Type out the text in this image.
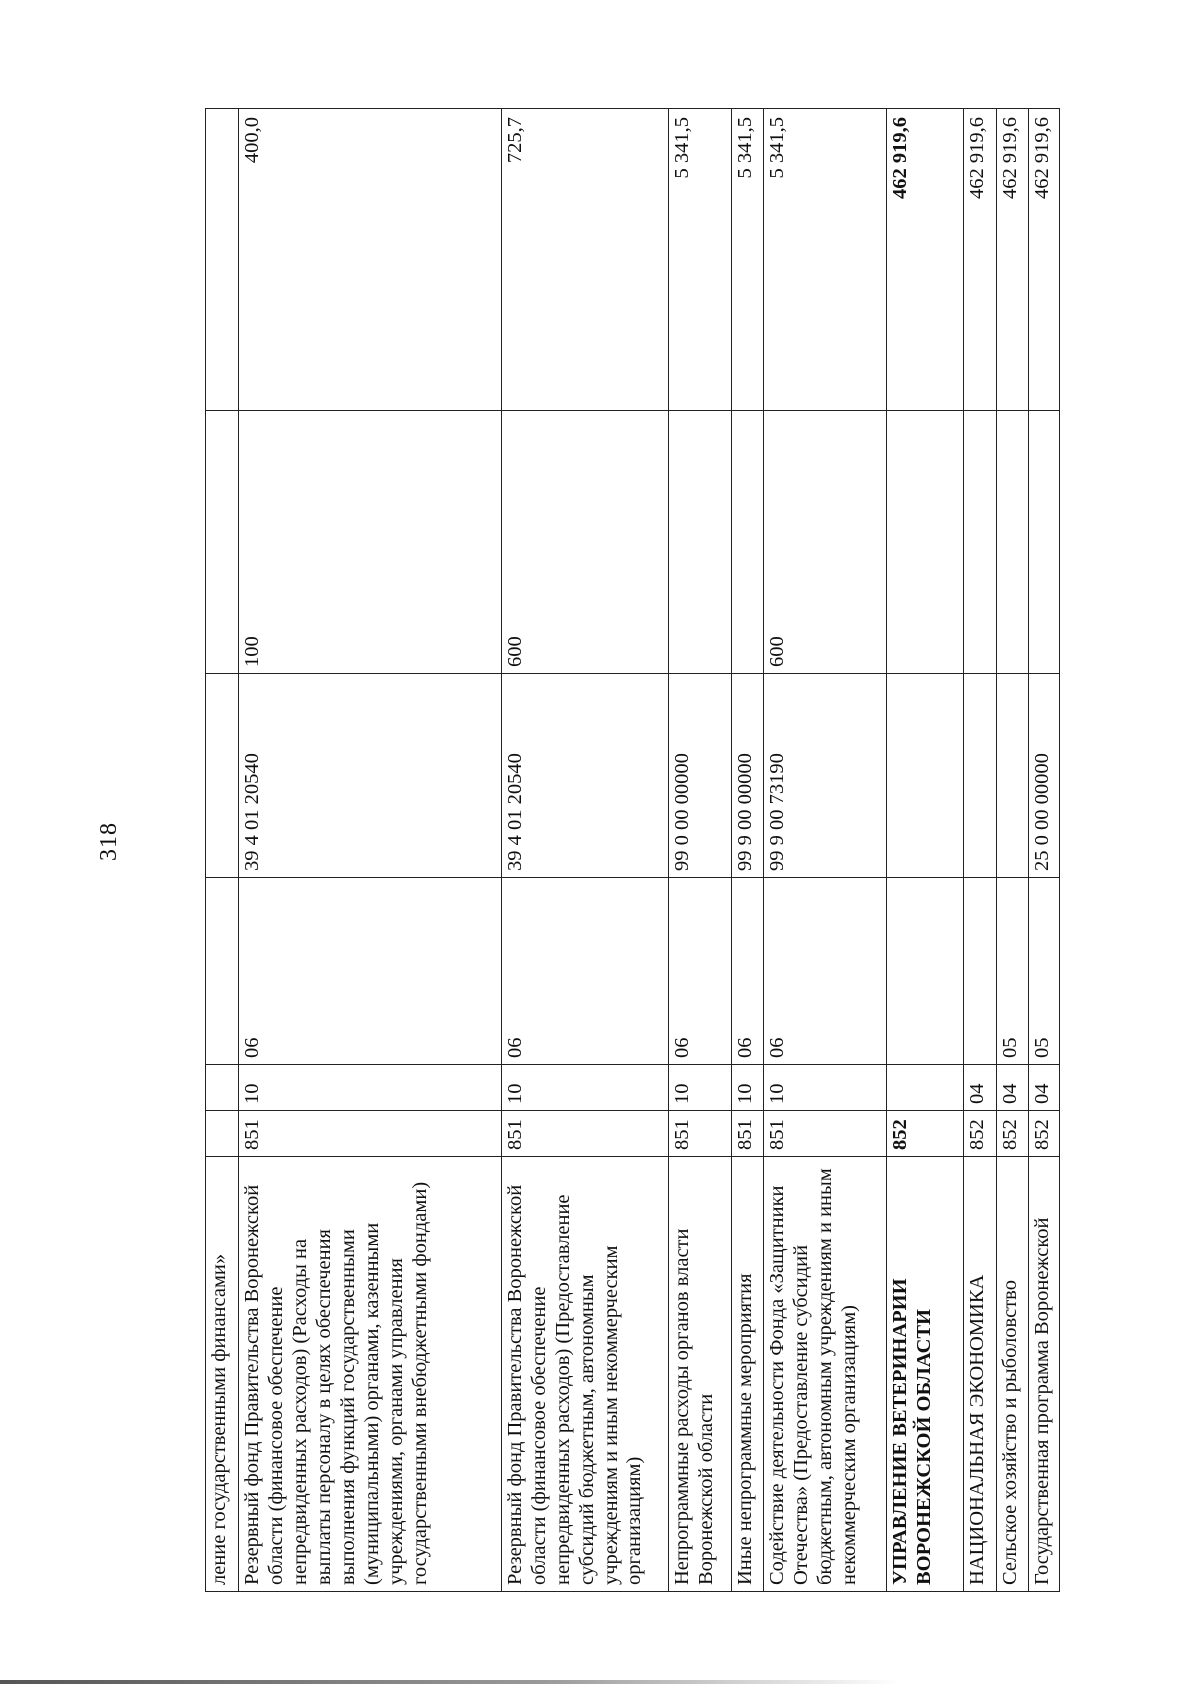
318
ление государственными финансами»						
Резервный фонд Правительства Воронежской области (финансовое обеспечение непредвиденных расходов) (Расходы на выплаты персоналу в целях обеспечения выполнения функций государственными (муниципальными) органами, казенными учреждениями, органами управления государственными внебюджетными фондами)	851	10	06	39 4 01 20540	100	400,0
Резервный фонд Правительства Воронежской области (финансовое обеспечение непредвиденных расходов) (Предоставление субсидий бюджетным, автономным учреждениям и иным некоммерческим организациям)	851	10	06	39 4 01 20540	600	725,7
Непрограммные расходы органов власти Воронежской области	851	10	06	99 0 00 00000		5 341,5
Иные непрограммные мероприятия	851	10	06	99 9 00 00000		5 341,5
Содействие деятельности Фонда «Защитники Отечества» (Предоставление субсидий бюджетным, автономным учреждениям и иным некоммерческим организациям)	851	10	06	99 9 00 73190	600	5 341,5
УПРАВЛЕНИЕ ВЕТЕРИНАРИИ ВОРОНЕЖСКОЙ ОБЛАСТИ	852					462 919,6
НАЦИОНАЛЬНАЯ ЭКОНОМИКА	852	04				462 919,6
Сельское хозяйство и рыболовство	852	04	05			462 919,6
Государственная программа Воронежской	852	04	05	25 0 00 00000		462 919,6
